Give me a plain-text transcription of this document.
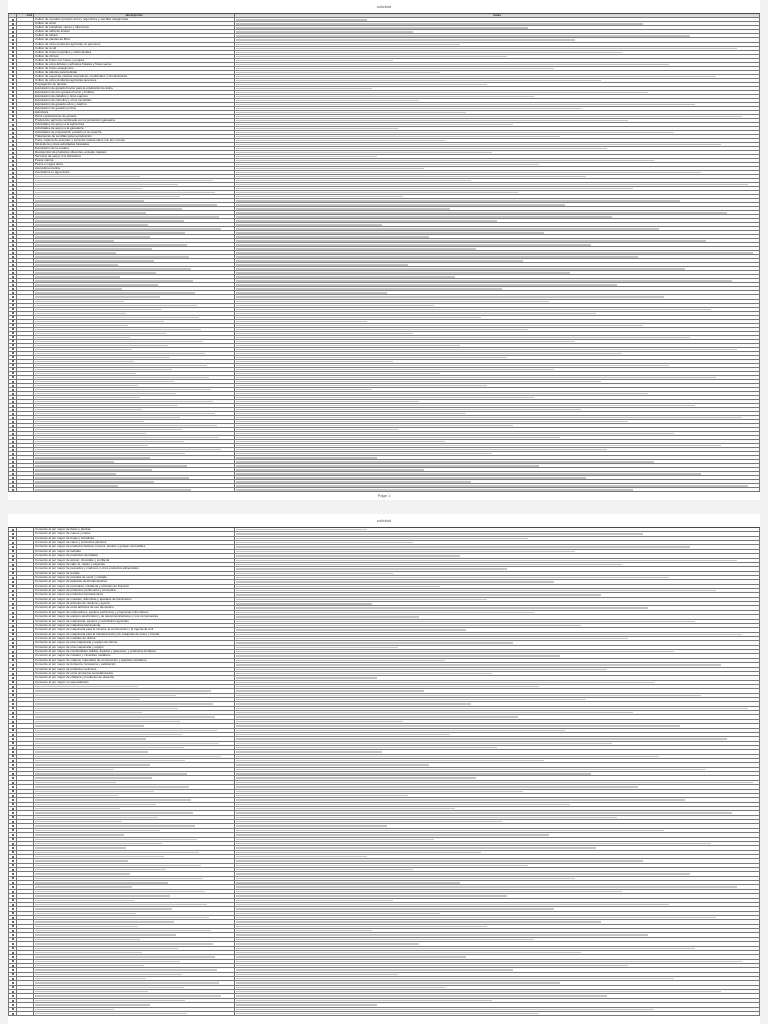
solicitud
cód	descripción	notas
Cultivo de cereales (excepto arroz), legumbres y semillas oleaginosas
Cultivo de arroz
Cultivo de hortalizas, raíces y tubérculos
Cultivo de caña de azúcar
Cultivo de tabaco
Cultivo de plantas de fibra
Cultivo de otros productos agrícolas no perennes
Cultivo de la vid
Cultivo de frutos tropicales y subtropicales
Cultivo de cítricos
Cultivo de frutos con hueso y pepitas
Cultivo de otros árboles y arbustos frutales y frutos secos
Cultivo de frutos oleaginosos
Cultivo de plantas para bebidas
Cultivo de especias, plantas aromáticas, medicinales y farmacéuticas
Cultivo de otros productos agrícolas perennes
Propagación de plantas
Explotación de ganado bovino para la producción de leche
Explotación de otro ganado bovino y búfalos
Explotación de caballos y otros equinos
Explotación de camellos y otros camélidos
Explotación de ganado ovino y caprino
Explotación de ganado porcino
Avicultura
Otras explotaciones de ganado
Producción agrícola combinada con la producción ganadera
Actividades de apoyo a la agricultura
Actividades de apoyo a la ganadería
Actividades de preparación posterior a la cosecha
Tratamiento de semillas para reproducción
Caza, captura de animales y servicios relacionados con las mismas
Silvicultura y otras actividades forestales
Explotación de la madera
Recolección de productos silvestres, excepto madera
Servicios de apoyo a la silvicultura
Pesca marina
Pesca en agua dulce
Acuicultura marina
Acuicultura en agua dulce
Page 1
solicitud
Comercio al por mayor de flores y plantas
Comercio al por mayor de cueros y pieles
Comercio al por mayor de frutas y hortalizas
Comercio al por mayor de carne y productos cárnicos
Comercio al por mayor de productos lácteos, huevos, aceites y grasas comestibles
Comercio al por mayor de bebidas
Comercio al por mayor de productos del tabaco
Comercio al por mayor de azúcar, chocolate y confitería
Comercio al por mayor de café, té, cacao y especias
Comercio al por mayor de pescados y mariscos y otros productos alimenticios
Comercio al por mayor de textiles
Comercio al por mayor de prendas de vestir y calzado
Comercio al por mayor de aparatos electrodomésticos
Comercio al por mayor de porcelana, cristalería y artículos de limpieza
Comercio al por mayor de productos perfumería y cosmética
Comercio al por mayor de productos farmacéuticos
Comercio al por mayor de muebles, alfombras y aparatos de iluminación
Comercio al por mayor de artículos de relojería y joyería
Comercio al por mayor de otros artículos de uso doméstico
Comercio al por mayor de ordenadores, equipos periféricos y programas informáticos
Comercio al por mayor de equipos electrónicos y de telecomunicaciones y sus componentes
Comercio al por mayor de maquinaria, equipos y suministros agrícolas
Comercio al por mayor de máquinas herramienta
Comercio al por mayor de maquinaria para la minería, la construcción y la ingeniería civil
Comercio al por mayor de maquinaria para la industria textil y de máquinas de coser y tricotar
Comercio al por mayor de muebles de oficina
Comercio al por mayor de otra maquinaria y equipo de oficina
Comercio al por mayor de otra maquinaria y equipo
Comercio al por mayor de combustibles sólidos, líquidos y gaseosos, y productos similares
Comercio al por mayor de metales y minerales metálicos
Comercio al por mayor de madera, materiales de construcción y aparatos sanitarios
Comercio al por mayor de ferretería, fontanería y calefacción
Comercio al por mayor de productos químicos
Comercio al por mayor de otros productos semielaborados
Comercio al por mayor de chatarra y productos de desecho
Comercio al por mayor no especializado
